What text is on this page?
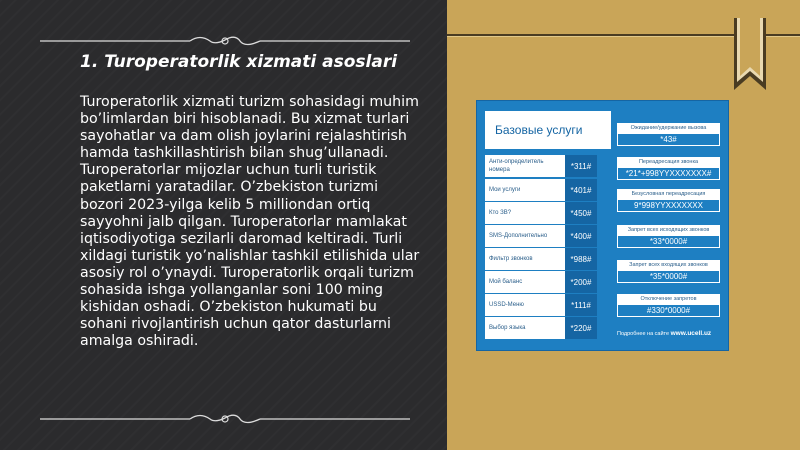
1. Turoperatorlik xizmati asoslari

Turoperatorlik xizmati turizm sohasidagi muhim bo’limlardan biri hisoblanadi. Bu xizmat turlari sayohatlar va dam olish joylarini rejalashtirish hamda tashkillashtirish bilan shug’ullanadi. Turoperatorlar mijozlar uchun turli turistik paketlarni yaratadilar. O’zbekiston turizmi bozori 2023-yilga kelib 5 milliondan ortiq sayyohni jalb qilgan. Turoperatorlar mamlakat iqtisodiyotiga sezilarli daromad keltiradi. Turli xildagi turistik yo’nalishlar tashkil etilishida ular asosiy rol o’ynaydi. Turoperatorlik orqali turizm sohasida ishga yollanganlar soni 100 ming kishidan oshadi. O’zbekiston hukumati bu sohani rivojlantirish uchun qator dasturlarni amalga oshiradi.

Базовые услуги
Анти-определитель номера	*311#
Мои услуги	*401#
Кто ЗВ?	*450#
SMS-Дополнительно	*400#
Фильтр звонков	*988#
Мой баланс	*200#
USSD-Меню	*111#
Выбор языка	*220#
Ожидание/удержание вызова
*43#
Переадресация звонка
*21*+998YYXXXXXXX#
Безусловная переадресация
9*998YYXXXXXXX
Запрет всех исходящих звонков
*33*0000#
Запрет всех входящих звонков
*35*0000#
Отключение запретов
#330*0000#
Подробнее на сайте www.ucell.uz
